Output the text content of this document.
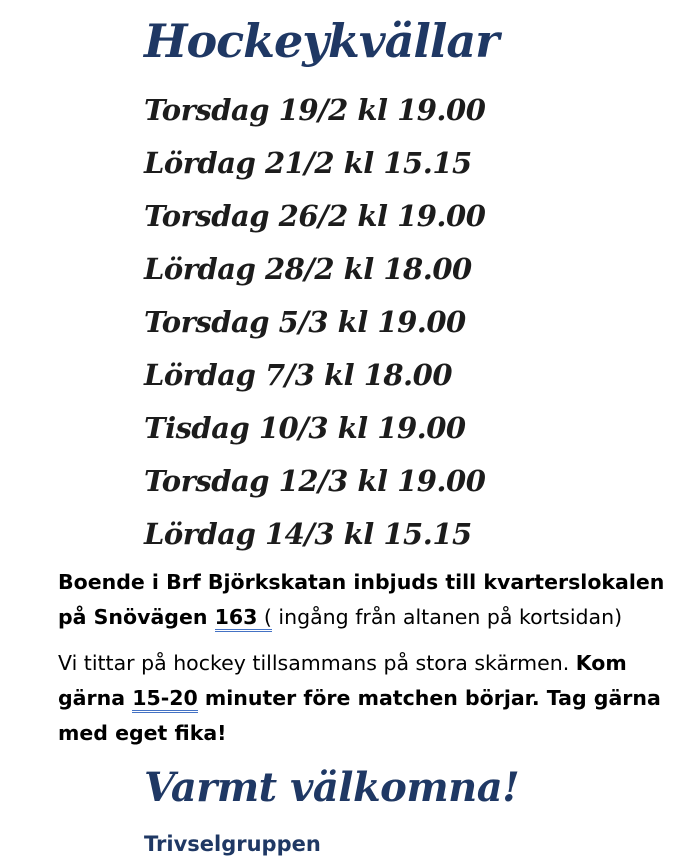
Hockeykvällar
Torsdag 19/2 kl 19.00
Lördag 21/2 kl 15.15
Torsdag 26/2 kl 19.00
Lördag 28/2 kl 18.00
Torsdag 5/3 kl 19.00
Lördag 7/3 kl 18.00
Tisdag 10/3 kl 19.00
Torsdag 12/3 kl 19.00
Lördag 14/3 kl 15.15
Boende i Brf Björkskatan inbjuds till kvarterslokalen på Snövägen 163 ( ingång från altanen på kortsidan)
Vi tittar på hockey tillsammans på stora skärmen. Kom gärna 15-20 minuter före matchen börjar. Tag gärna med eget fika!
Varmt välkomna!
Trivselgruppen
